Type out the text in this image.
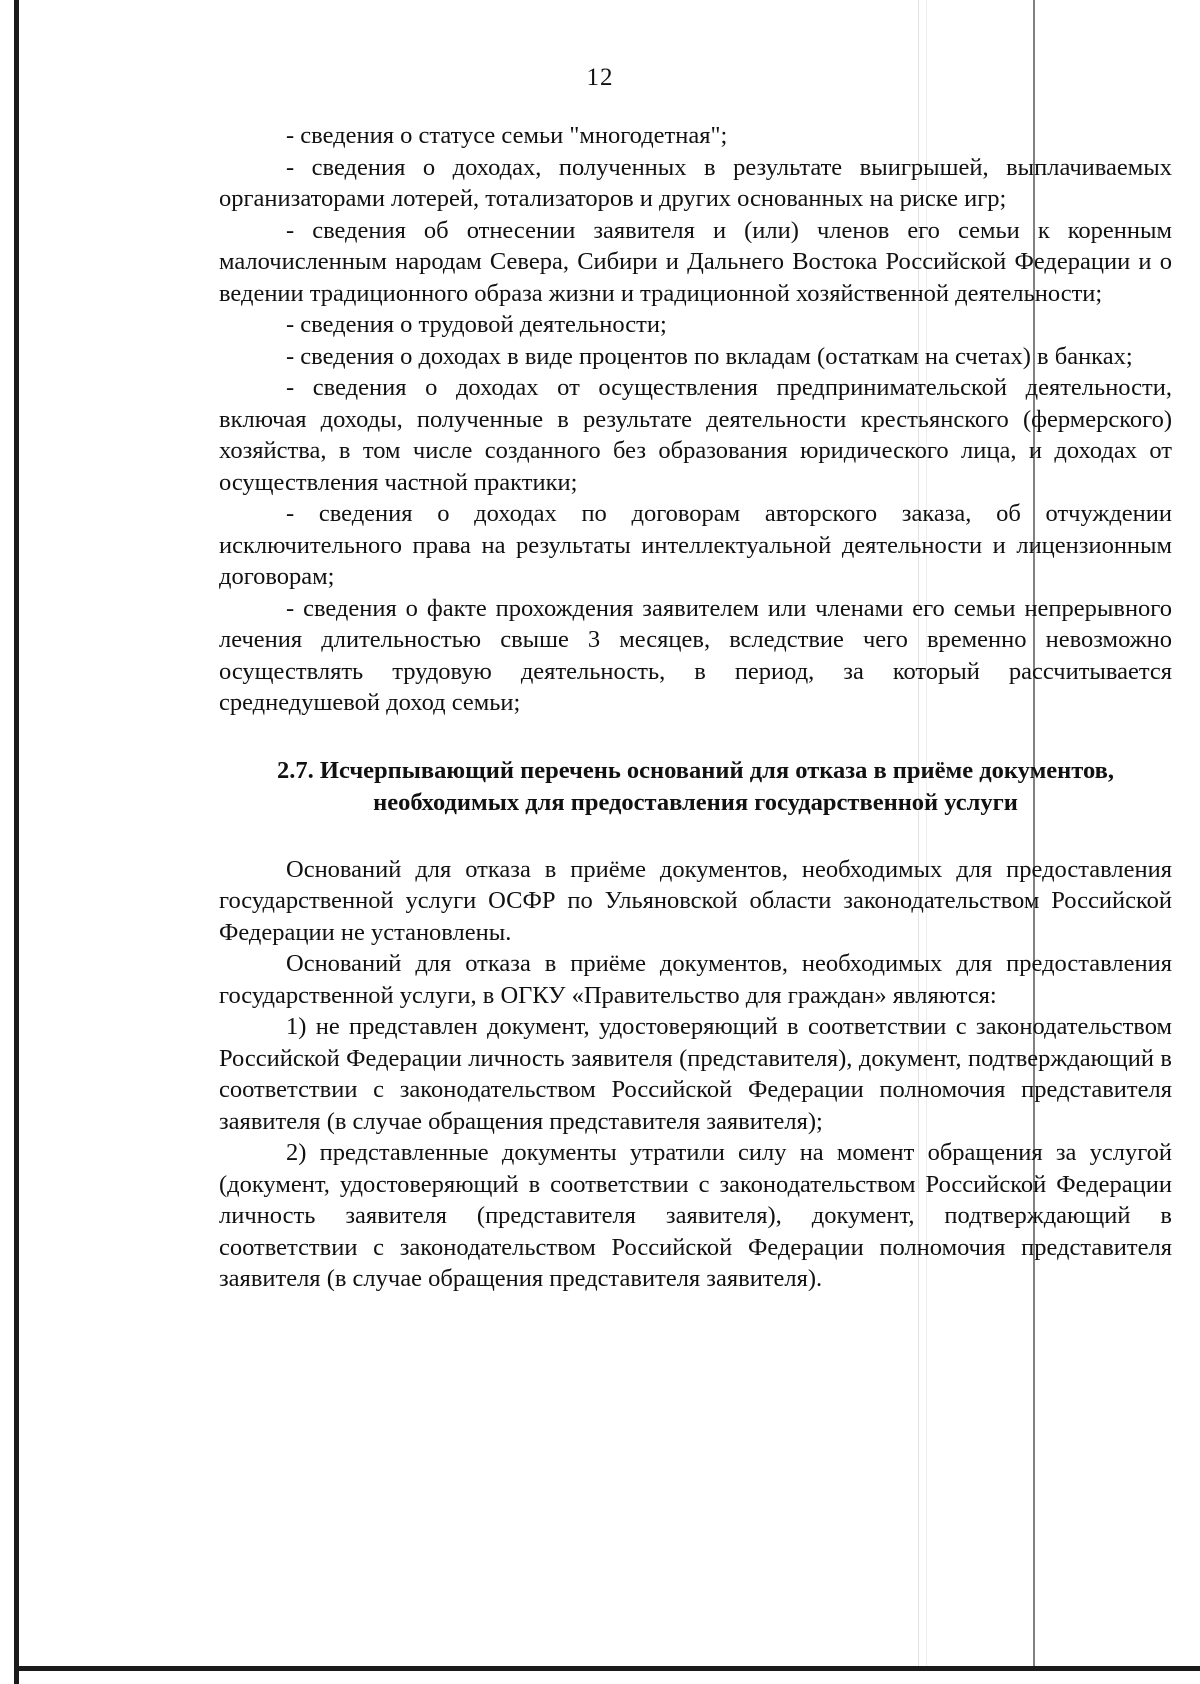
12

- сведения о статусе семьи "многодетная";

- сведения о доходах, полученных в результате выигрышей, выплачиваемых организаторами лотерей, тотализаторов и других основанных на риске игр;

- сведения об отнесении заявителя и (или) членов его семьи к коренным малочисленным народам Севера, Сибири и Дальнего Востока Российской Федерации и о ведении традиционного образа жизни и традиционной хозяйственной деятельности;

- сведения о трудовой деятельности;

- сведения о доходах в виде процентов по вкладам (остаткам на счетах) в банках;

- сведения о доходах от осуществления предпринимательской деятельности, включая доходы, полученные в результате деятельности крестьянского (фермерского) хозяйства, в том числе созданного без образования юридического лица, и доходах от осуществления частной практики;

- сведения о доходах по договорам авторского заказа, об отчуждении исключительного права на результаты интеллектуальной деятельности и лицензионным договорам;

- сведения о факте прохождения заявителем или членами его семьи непрерывного лечения длительностью свыше 3 месяцев, вследствие чего временно невозможно осуществлять трудовую деятельность, в период, за который рассчитывается среднедушевой доход семьи;

2.7. Исчерпывающий перечень оснований для отказа в приёме документов, необходимых для предоставления государственной услуги

Оснований для отказа в приёме документов, необходимых для предоставления государственной услуги ОСФР по Ульяновской области законодательством Российской Федерации не установлены.

Оснований для отказа в приёме документов, необходимых для предоставления государственной услуги, в ОГКУ «Правительство для граждан» являются:

1) не представлен документ, удостоверяющий в соответствии с законодательством Российской Федерации личность заявителя (представителя), документ, подтверждающий в соответствии с законодательством Российской Федерации полномочия представителя заявителя (в случае обращения представителя заявителя);

2) представленные документы утратили силу на момент обращения за услугой (документ, удостоверяющий в соответствии с законодательством Российской Федерации личность заявителя (представителя заявителя), документ, подтверждающий в соответствии с законодательством Российской Федерации полномочия представителя заявителя (в случае обращения представителя заявителя).
